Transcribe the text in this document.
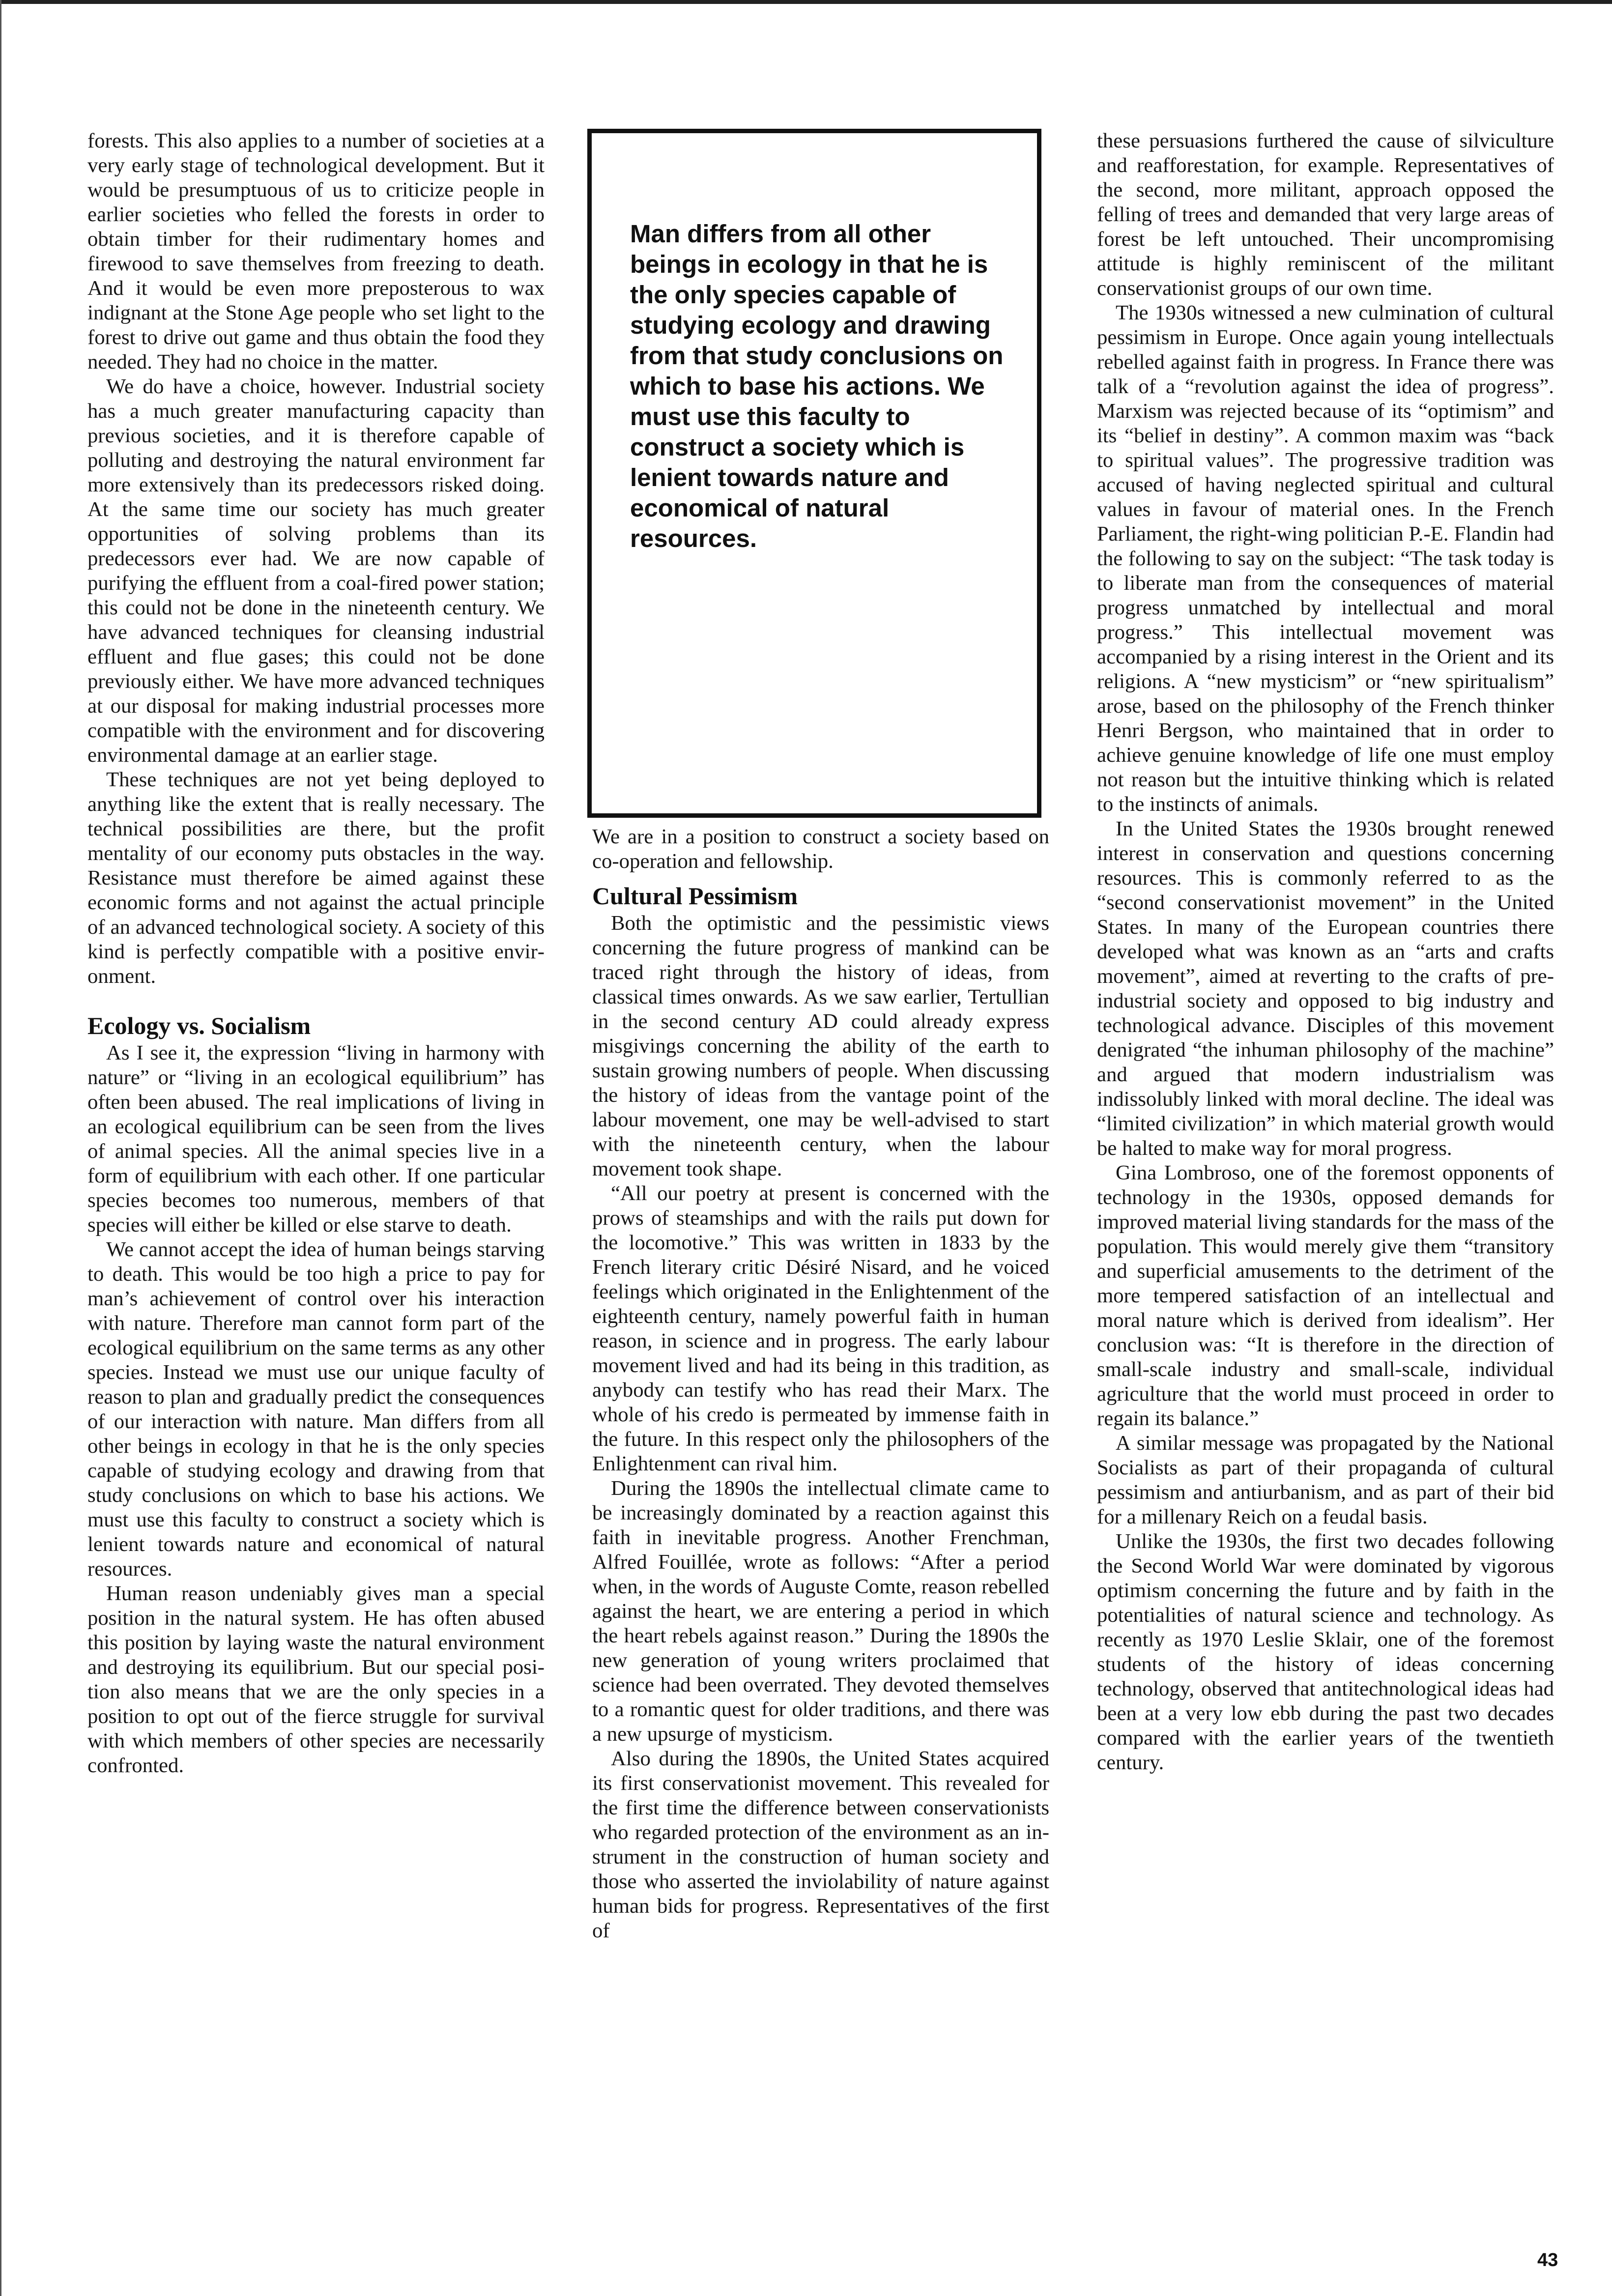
forests. This also applies to a number of societies at a very early stage of technological development. But it would be presumptuous of us to criticize people in earlier societies who felled the forests in order to obtain timber for their rudimentary homes and firewood to save themselves from freezing to death. And it would be even more preposterous to wax indignant at the Stone Age people who set light to the forest to drive out game and thus obtain the food they needed. They had no choice in the matter.

We do have a choice, however. Industrial society has a much greater manufacturing capacity than previous societies, and it is therefore capable of polluting and destroying the natural environment far more extensively than its predecessors risked doing. At the same time our society has much greater opportunities of solving problems than its predecessors ever had. We are now capable of purifying the effluent from a coal-fired power station; this could not be done in the nineteenth century. We have advanced techniques for cleansing industrial effluent and flue gases; this could not be done previously either. We have more advanced techniques at our disposal for making industrial processes more compatible with the environment and for discovering environmental damage at an earlier stage.

These techniques are not yet being deployed to anything like the extent that is really necessary. The technical possibilities are there, but the profit mentality of our economy puts obstacles in the way. Resistance must therefore be aimed against these economic forms and not against the actual principle of an advanced technological society. A society of this kind is perfectly compatible with a positive environment.

Ecology vs. Socialism

As I see it, the expression “living in harmony with nature” or “living in an ecological equilibrium” has often been abused. The real implications of living in an ecological equilibrium can be seen from the lives of animal species. All the animal species live in a form of equilibrium with each other. If one particular species becomes too numerous, members of that species will either be killed or else starve to death.

We cannot accept the idea of human beings starving to death. This would be too high a price to pay for man’s achievement of control over his interaction with nature. Therefore man cannot form part of the ecological equilibrium on the same terms as any other species. Instead we must use our unique faculty of reason to plan and gradually predict the consequences of our interaction with nature. Man differs from all other beings in ecology in that he is the only species capable of studying ecology and drawing from that study conclusions on which to base his actions. We must use this faculty to construct a society which is lenient towards nature and economical of natural resources.

Human reason undeniably gives man a special position in the natural system. He has often abused this position by laying waste the natural environment and destroying its equilibrium. But our special position also means that we are the only species in a position to opt out of the fierce struggle for survival with which members of other species are necessarily confronted.

Man differs from all other beings in ecology in that he is the only species capable of studying ecology and drawing from that study conclusions on which to base his actions. We must use this faculty to construct a society which is lenient towards nature and economical of natural resources.

We are in a position to construct a society based on co-operation and fellowship.

Cultural Pessimism

Both the optimistic and the pessimistic views concerning the future progress of mankind can be traced right through the history of ideas, from classical times onwards. As we saw earlier, Tertullian in the second century AD could already express misgivings concerning the ability of the earth to sustain growing numbers of people. When discussing the history of ideas from the vantage point of the labour movement, one may be well-advised to start with the nineteenth century, when the labour movement took shape.

“All our poetry at present is concerned with the prows of steamships and with the rails put down for the locomotive.” This was written in 1833 by the French literary critic Désiré Nisard, and he voiced feelings which originated in the Enlightenment of the eighteenth century, namely powerful faith in human reason, in science and in progress. The early labour movement lived and had its being in this tradition, as anybody can testify who has read their Marx. The whole of his credo is permeated by immense faith in the future. In this respect only the philosophers of the Enlightenment can rival him.

During the 1890s the intellectual climate came to be increasingly dominated by a reaction against this faith in inevitable progress. Another Frenchman, Alfred Fouillée, wrote as follows: “After a period when, in the words of Auguste Comte, reason rebelled against the heart, we are entering a period in which the heart rebels against reason.” During the 1890s the new generation of young writers proclaimed that science had been overrated. They devoted themselves to a romantic quest for older traditions, and there was a new upsurge of mysticism.

Also during the 1890s, the United States acquired its first conservationist movement. This revealed for the first time the difference between conservationists who regarded protection of the environment as an instrument in the construction of human society and those who asserted the inviolability of nature against human bids for progress. Representatives of the first of

these persuasions furthered the cause of silviculture and reafforestation, for example. Representatives of the second, more militant, approach opposed the felling of trees and demanded that very large areas of forest be left untouched. Their uncompromising attitude is highly reminiscent of the militant conservationist groups of our own time.

The 1930s witnessed a new culmination of cultural pessimism in Europe. Once again young intellectuals rebelled against faith in progress. In France there was talk of a “revolution against the idea of progress”. Marxism was rejected because of its “optimism” and its “belief in destiny”. A common maxim was “back to spiritual values”. The progressive tradition was accused of having neglected spiritual and cultural values in favour of material ones. In the French Parliament, the right-wing politician P.-E. Flandin had the following to say on the subject: “The task today is to liberate man from the consequences of material progress unmatched by intellectual and moral progress.” This intellectual movement was accompanied by a rising interest in the Orient and its religions. A “new mysticism” or “new spiritualism” arose, based on the philosophy of the French thinker Henri Bergson, who maintained that in order to achieve genuine knowledge of life one must employ not reason but the intuitive thinking which is related to the instincts of animals.

In the United States the 1930s brought renewed interest in conservation and questions concerning resources. This is commonly referred to as the “second conservationist movement” in the United States. In many of the European countries there developed what was known as an “arts and crafts movement”, aimed at reverting to the crafts of pre-industrial society and opposed to big industry and technological advance. Disciples of this movement denigrated “the inhuman philosophy of the machine” and argued that modern industrialism was indissolubly linked with moral decline. The ideal was “limited civilization” in which material growth would be halted to make way for moral progress.

Gina Lombroso, one of the foremost opponents of technology in the 1930s, opposed demands for improved material living standards for the mass of the population. This would merely give them “transitory and superficial amusements to the detriment of the more tempered satisfaction of an intellectual and moral nature which is derived from idealism”. Her conclusion was: “It is therefore in the direction of small-scale industry and small-scale, individual agriculture that the world must proceed in order to regain its balance.”

A similar message was propagated by the National Socialists as part of their propaganda of cultural pessimism and antiurbanism, and as part of their bid for a millenary Reich on a feudal basis.

Unlike the 1930s, the first two decades following the Second World War were dominated by vigorous optimism concerning the future and by faith in the potentialities of natural science and technology. As recently as 1970 Leslie Sklair, one of the foremost students of the history of ideas concerning technology, observed that antitechnological ideas had been at a very low ebb during the past two decades compared with the earlier years of the twentieth century.

43
